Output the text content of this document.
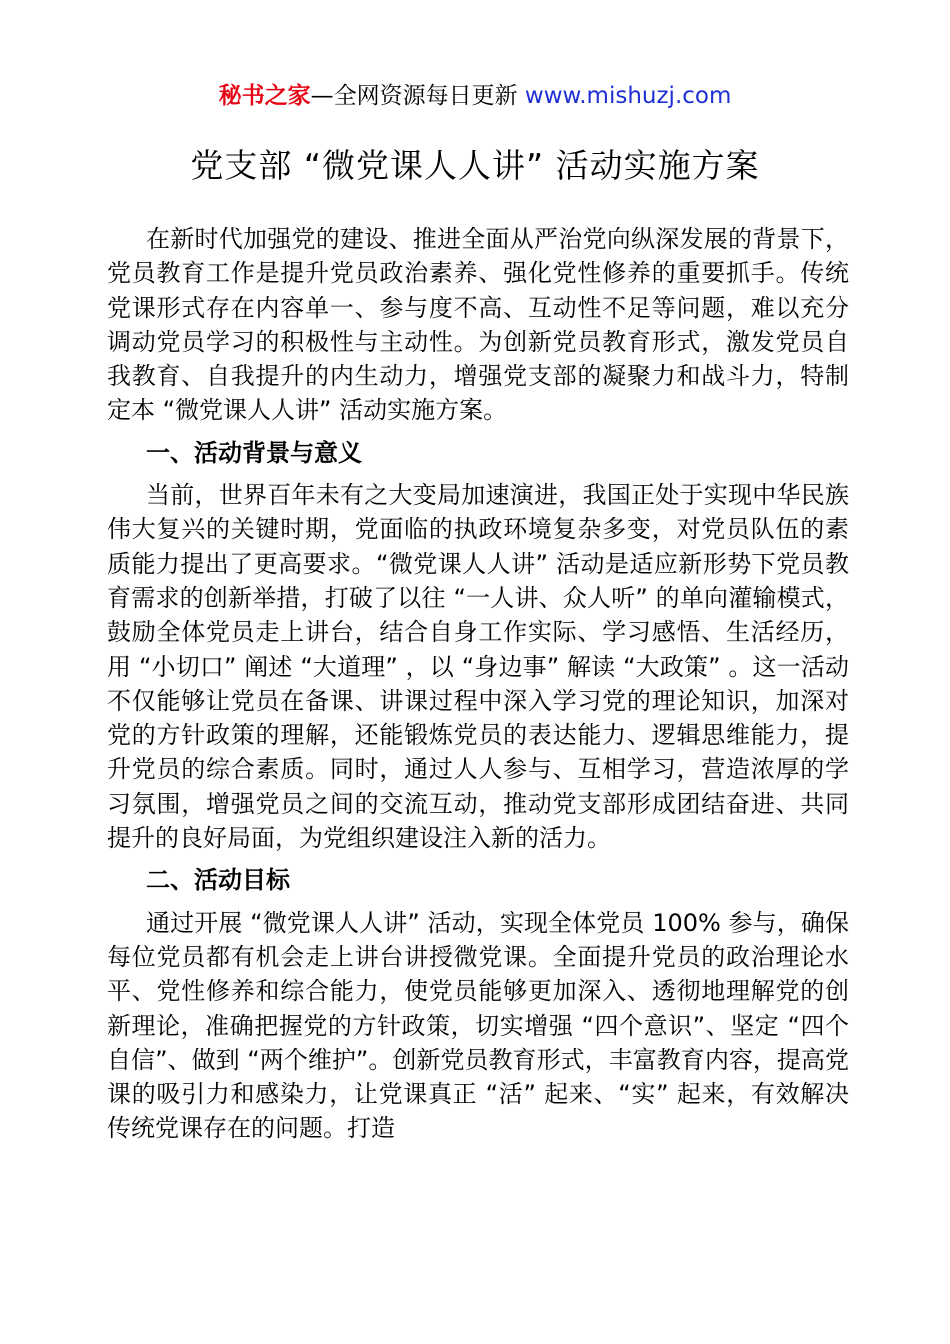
秘书之家—全网资源每日更新 www.mishuzj.com
党支部 “微党课人人讲” 活动实施方案

在新时代加强党的建设、推进全面从严治党向纵深发展的背景下，党员教育工作是提升党员政治素养、强化党性修养的重要抓手。传统党课形式存在内容单一、参与度不高、互动性不足等问题，难以充分调动党员学习的积极性与主动性。为创新党员教育形式，激发党员自我教育、自我提升的内生动力，增强党支部的凝聚力和战斗力，特制定本 “微党课人人讲” 活动实施方案。

一、活动背景与意义

当前，世界百年未有之大变局加速演进，我国正处于实现中华民族伟大复兴的关键时期，党面临的执政环境复杂多变，对党员队伍的素质能力提出了更高要求。“微党课人人讲” 活动是适应新形势下党员教育需求的创新举措，打破了以往 “一人讲、众人听” 的单向灌输模式，鼓励全体党员走上讲台，结合自身工作实际、学习感悟、生活经历，用 “小切口” 阐述 “大道理” ，以 “身边事” 解读 “大政策” 。这一活动不仅能够让党员在备课、讲课过程中深入学习党的理论知识，加深对党的方针政策的理解，还能锻炼党员的表达能力、逻辑思维能力，提升党员的综合素质。同时，通过人人参与、互相学习，营造浓厚的学习氛围，增强党员之间的交流互动，推动党支部形成团结奋进、共同提升的良好局面，为党组织建设注入新的活力。

二、活动目标

通过开展 “微党课人人讲” 活动，实现全体党员 100% 参与，确保每位党员都有机会走上讲台讲授微党课。全面提升党员的政治理论水平、党性修养和综合能力，使党员能够更加深入、透彻地理解党的创新理论，准确把握党的方针政策，切实增强 “四个意识”、坚定 “四个自信”、做到 “两个维护”。创新党员教育形式，丰富教育内容，提高党课的吸引力和感染力，让党课真正 “活” 起来、“实” 起来，有效解决传统党课存在的问题。打造
